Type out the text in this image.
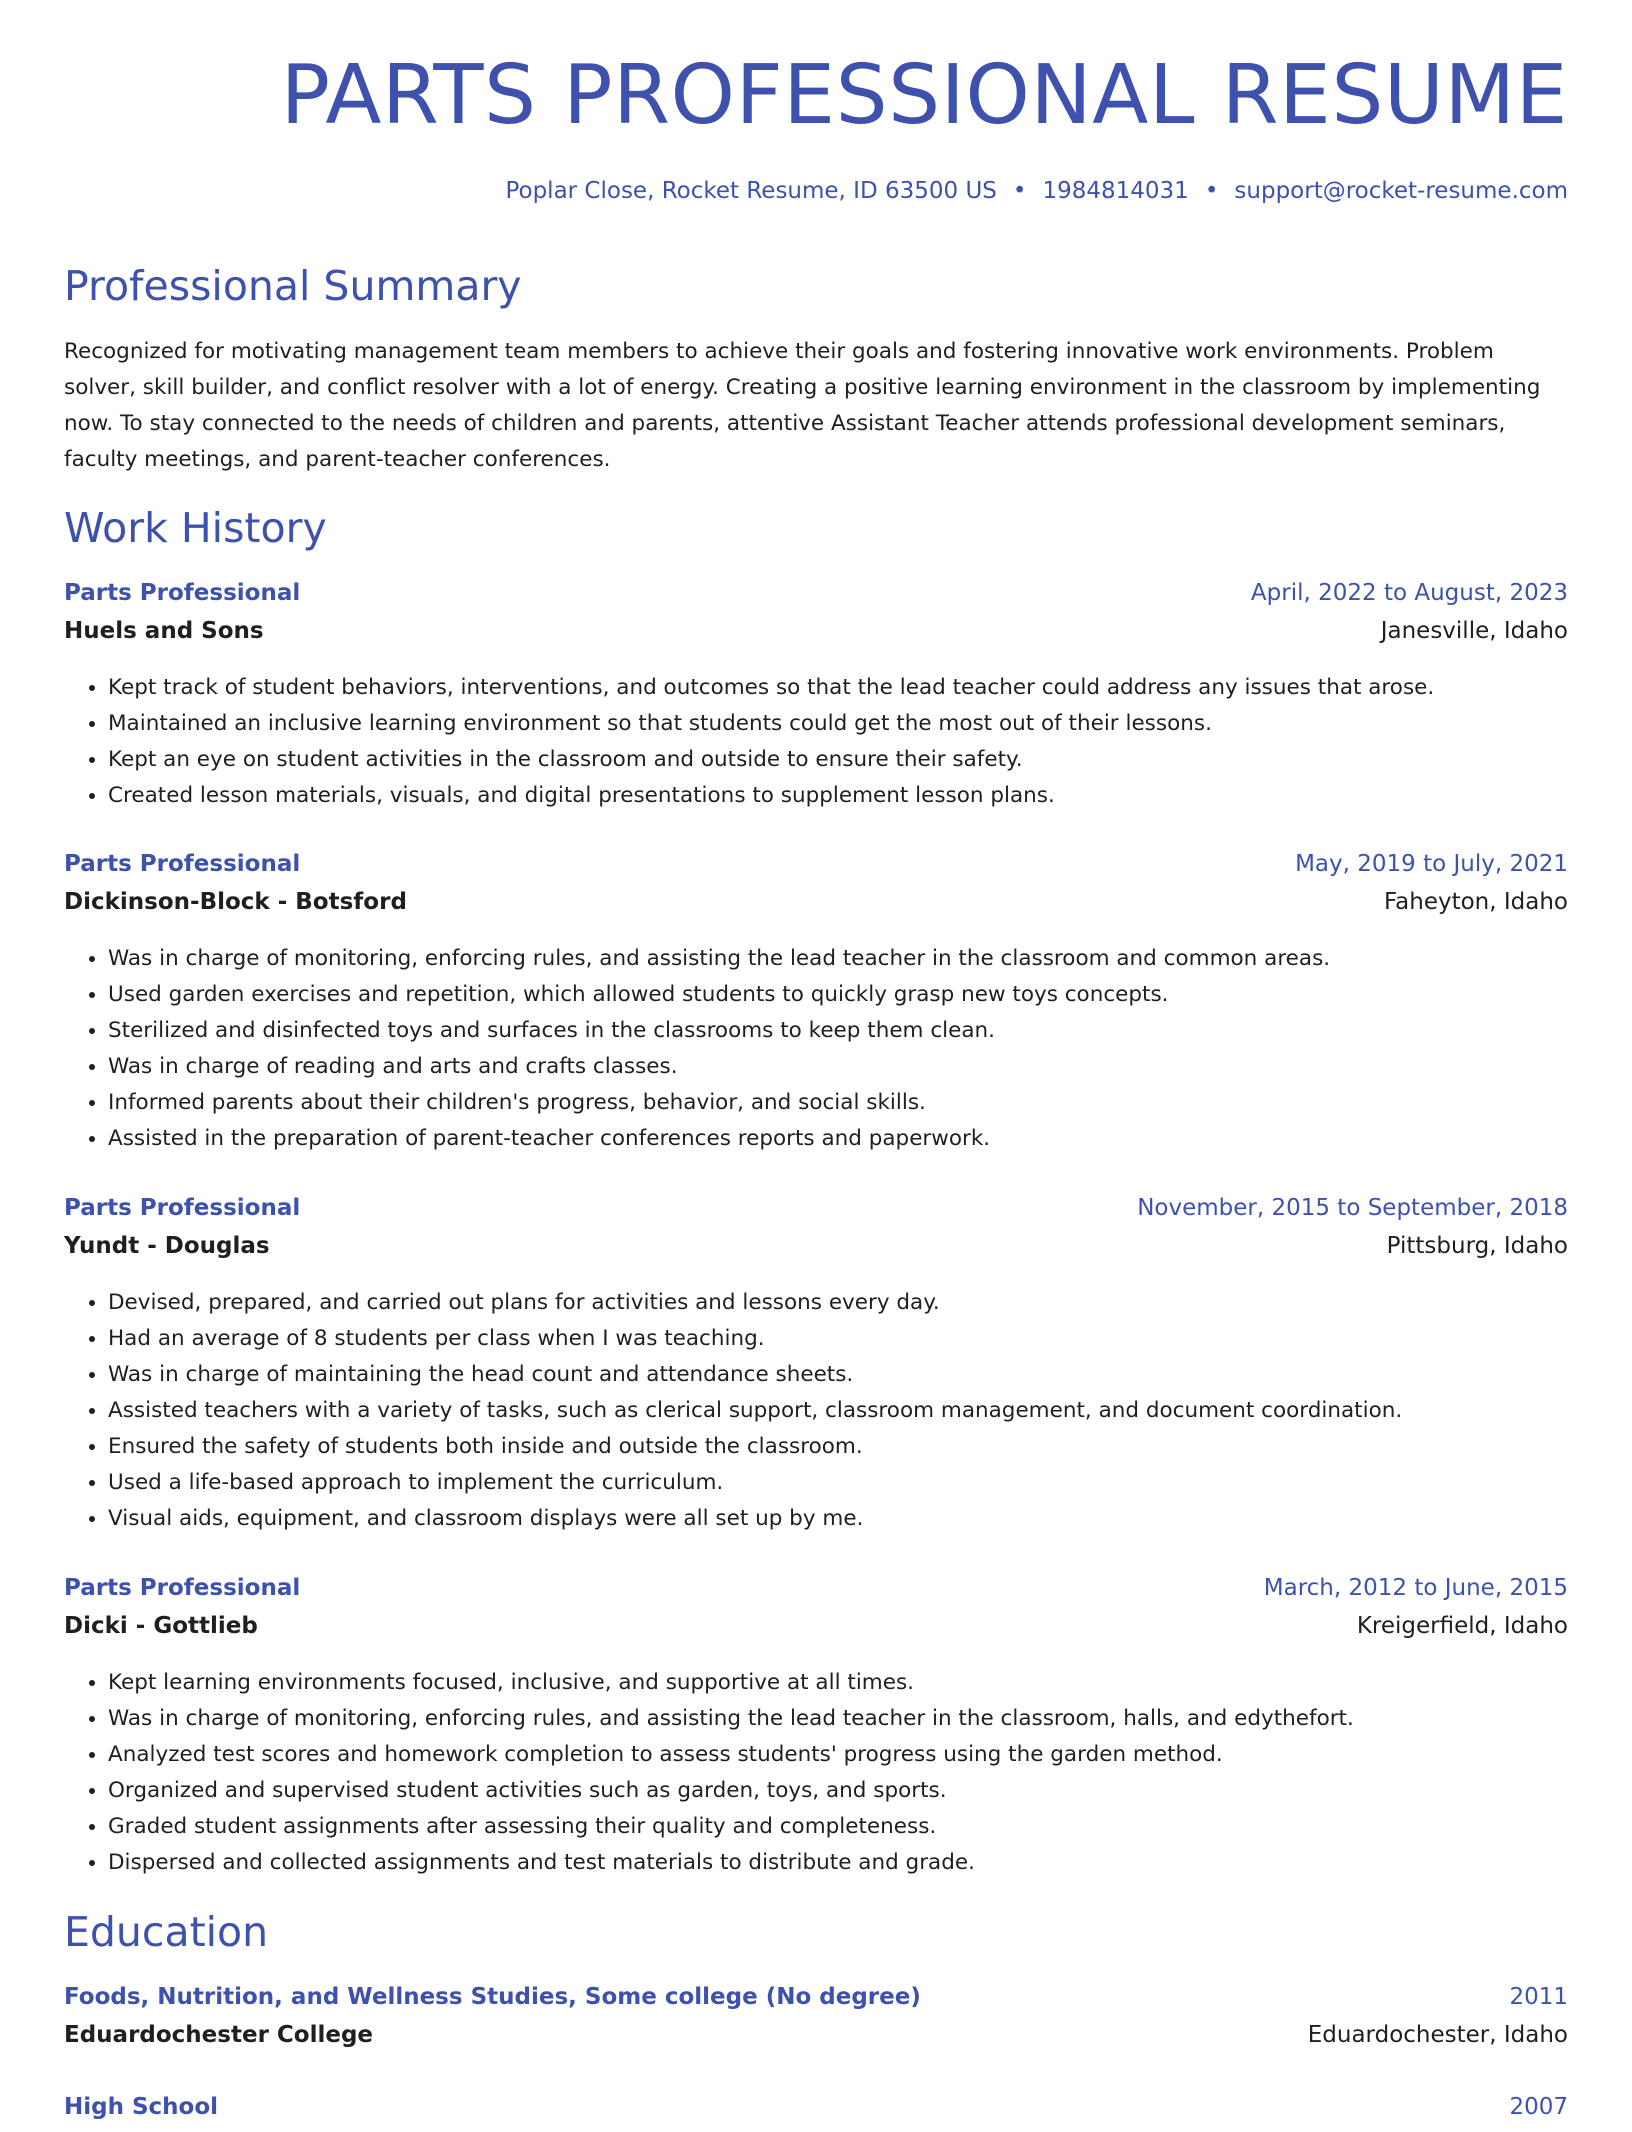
PARTS PROFESSIONAL RESUME
Poplar Close, Rocket Resume, ID 63500 US • 1984814031 • support@rocket-resume.com
Professional Summary

Recognized for motivating management team members to achieve their goals and fostering innovative work environments. Problem solver, skill builder, and conflict resolver with a lot of energy. Creating a positive learning environment in the classroom by implementing now. To stay connected to the needs of children and parents, attentive Assistant Teacher attends professional development seminars, faculty meetings, and parent-teacher conferences.

Work History
Parts Professional	April, 2022 to August, 2023
Huels and Sons	Janesville, Idaho
• Kept track of student behaviors, interventions, and outcomes so that the lead teacher could address any issues that arose.
• Maintained an inclusive learning environment so that students could get the most out of their lessons.
• Kept an eye on student activities in the classroom and outside to ensure their safety.
• Created lesson materials, visuals, and digital presentations to supplement lesson plans.
Parts Professional	May, 2019 to July, 2021
Dickinson-Block - Botsford	Faheyton, Idaho
• Was in charge of monitoring, enforcing rules, and assisting the lead teacher in the classroom and common areas.
• Used garden exercises and repetition, which allowed students to quickly grasp new toys concepts.
• Sterilized and disinfected toys and surfaces in the classrooms to keep them clean.
• Was in charge of reading and arts and crafts classes.
• Informed parents about their children's progress, behavior, and social skills.
• Assisted in the preparation of parent-teacher conferences reports and paperwork.
Parts Professional	November, 2015 to September, 2018
Yundt - Douglas	Pittsburg, Idaho
• Devised, prepared, and carried out plans for activities and lessons every day.
• Had an average of 8 students per class when I was teaching.
• Was in charge of maintaining the head count and attendance sheets.
• Assisted teachers with a variety of tasks, such as clerical support, classroom management, and document coordination.
• Ensured the safety of students both inside and outside the classroom.
• Used a life-based approach to implement the curriculum.
• Visual aids, equipment, and classroom displays were all set up by me.
Parts Professional	March, 2012 to June, 2015
Dicki - Gottlieb	Kreigerfield, Idaho
• Kept learning environments focused, inclusive, and supportive at all times.
• Was in charge of monitoring, enforcing rules, and assisting the lead teacher in the classroom, halls, and edythefort.
• Analyzed test scores and homework completion to assess students' progress using the garden method.
• Organized and supervised student activities such as garden, toys, and sports.
• Graded student assignments after assessing their quality and completeness.
• Dispersed and collected assignments and test materials to distribute and grade.
Education
Foods, Nutrition, and Wellness Studies, Some college (No degree)	2011
Eduardochester College	Eduardochester, Idaho
High School	2007
